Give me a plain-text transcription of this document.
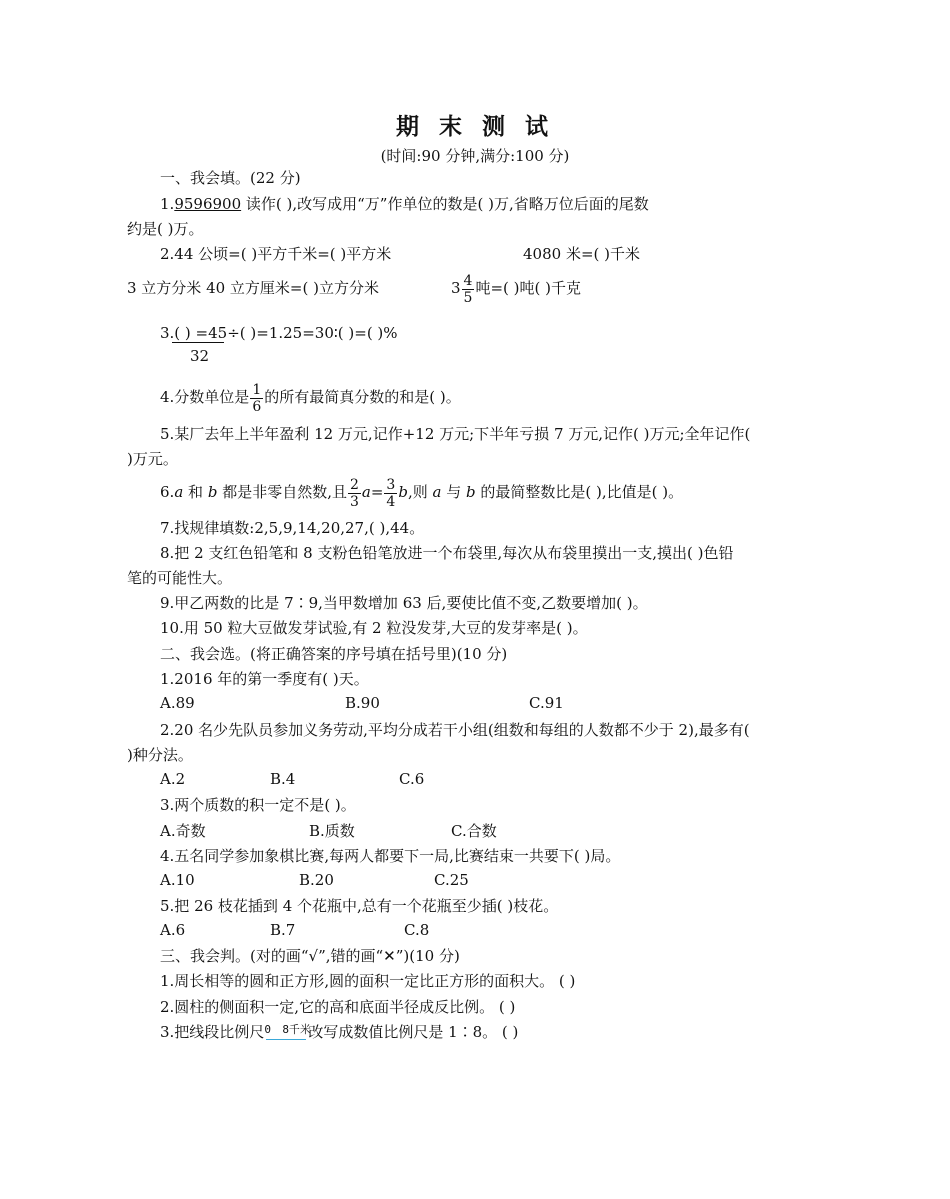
期 末 测 试
(时间:90 分钟,满分:100 分)
一、我会填。(22 分)
1.9596900 读作( ),改写成用“万”作单位的数是( )万,省略万位后面的尾数
约是( )万。
2.44 公顷=( )平方千米=( )平方米	4080 米=( )千米
3 立方分米 40 立方厘米=( )立方分米	$3 \frac{4}{5}$ 吨=( )吨( )千克
3.( ) =45÷( )=1.25=30∶( )=( )%
32
4.分数单位是 $\frac{1}{6}$ 的所有最简真分数的和是( )。
5.某厂去年上半年盈利 12 万元,记作+12 万元;下半年亏损 7 万元,记作( )万元;全年记作(
)万元。
6.a 和 b 都是非零自然数,且 $\frac{2}{3} a= \frac{3}{4} b$,则 a 与 b 的最简整数比是( ),比值是( )。
7.找规律填数:2,5,9,14,20,27,( ),44。
8.把 2 支红色铅笔和 8 支粉色铅笔放进一个布袋里,每次从布袋里摸出一支,摸出( )色铅
笔的可能性大。
9.甲乙两数的比是 7∶9,当甲数增加 63 后,要使比值不变,乙数要增加( )。
10.用 50 粒大豆做发芽试验,有 2 粒没发芽,大豆的发芽率是( )。
二、我会选。(将正确答案的序号填在括号里)(10 分)
1.2016 年的第一季度有( )天。
A.89	B.90	C.91
2.20 名少先队员参加义务劳动,平均分成若干小组(组数和每组的人数都不少于 2),最多有(
)种分法。
A.2	B.4	C.6
3.两个质数的积一定不是( )。
A.奇数	B.质数	C.合数
4.五名同学参加象棋比赛,每两人都要下一局,比赛结束一共要下( )局。
A.10	B.20	C.25
5.把 26 枝花插到 4 个花瓶中,总有一个花瓶至少插( )枝花。
A.6	B.7	C.8
三、我会判。(对的画“√”,错的画“✕”)(10 分)
1.周长相等的圆和正方形,圆的面积一定比正方形的面积大。 ( )
2.圆柱的侧面积一定,它的高和底面半径成反比例。 ( )
3.把线段比例尺 0 8千米
改写成数值比例尺是 1∶8。 ( )
